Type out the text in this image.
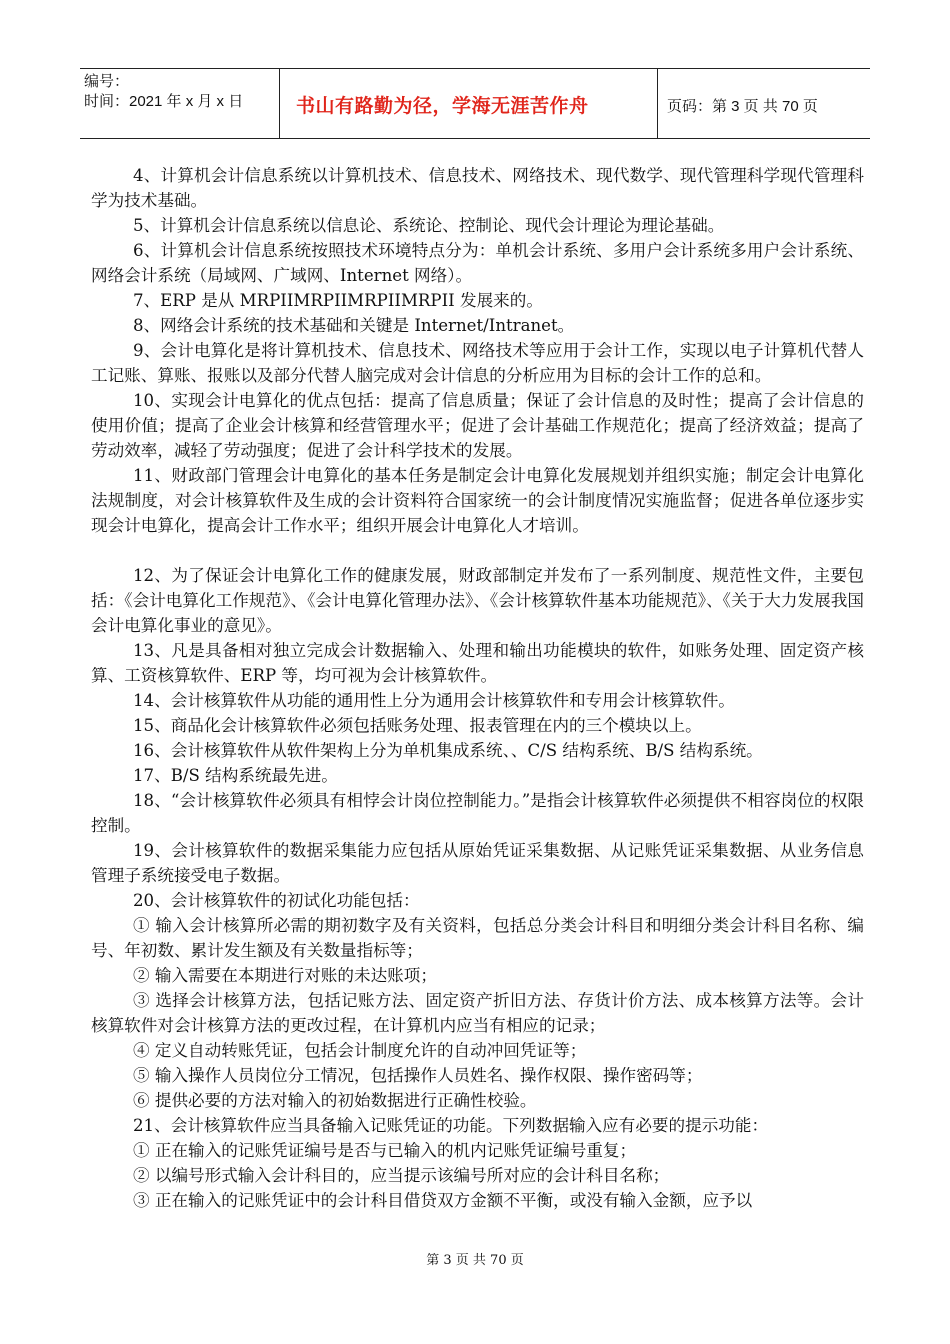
编号：
时间：2021 年 x 月 x 日	书山有路勤为径，学海无涯苦作舟	页码：第 3 页 共 70 页

4、计算机会计信息系统以计算机技术、信息技术、网络技术、现代数学、现代管理科学现代管理科学为技术基础。

5、计算机会计信息系统以信息论、系统论、控制论、现代会计理论为理论基础。

6、计算机会计信息系统按照技术环境特点分为：单机会计系统、多用户会计系统多用户会计系统、网络会计系统（局域网、广域网、Internet 网络）。

7、ERP 是从 MRPIIMRPIIMRPIIMRPII 发展来的。

8、网络会计系统的技术基础和关键是 Internet/Intranet。

9、会计电算化是将计算机技术、信息技术、网络技术等应用于会计工作，实现以电子计算机代替人工记账、算账、报账以及部分代替人脑完成对会计信息的分析应用为目标的会计工作的总和。

10、实现会计电算化的优点包括：提高了信息质量；保证了会计信息的及时性；提高了会计信息的使用价值；提高了企业会计核算和经营管理水平；促进了会计基础工作规范化；提高了经济效益；提高了劳动效率，减轻了劳动强度；促进了会计科学技术的发展。

11、财政部门管理会计电算化的基本任务是制定会计电算化发展规划并组织实施；制定会计电算化法规制度，对会计核算软件及生成的会计资料符合国家统一的会计制度情况实施监督；促进各单位逐步实现会计电算化，提高会计工作水平；组织开展会计电算化人才培训。

12、为了保证会计电算化工作的健康发展，财政部制定并发布了一系列制度、规范性文件，主要包括：《会计电算化工作规范》、《会计电算化管理办法》、《会计核算软件基本功能规范》、《关于大力发展我国会计电算化事业的意见》。

13、凡是具备相对独立完成会计数据输入、处理和输出功能模块的软件，如账务处理、固定资产核算、工资核算软件、ERP 等，均可视为会计核算软件。

14、会计核算软件从功能的通用性上分为通用会计核算软件和专用会计核算软件。

15、商品化会计核算软件必须包括账务处理、报表管理在内的三个模块以上。

16、会计核算软件从软件架构上分为单机集成系统、、C/S 结构系统、B/S 结构系统。

17、B/S 结构系统最先进。

18、“会计核算软件必须具有相悖会计岗位控制能力。”是指会计核算软件必须提供不相容岗位的权限控制。

19、会计核算软件的数据采集能力应包括从原始凭证采集数据、从记账凭证采集数据、从业务信息管理子系统接受电子数据。

20、会计核算软件的初试化功能包括：

① 输入会计核算所必需的期初数字及有关资料，包括总分类会计科目和明细分类会计科目名称、编号、年初数、累计发生额及有关数量指标等；

② 输入需要在本期进行对账的未达账项；

③ 选择会计核算方法，包括记账方法、固定资产折旧方法、存货计价方法、成本核算方法等。会计核算软件对会计核算方法的更改过程，在计算机内应当有相应的记录；

④ 定义自动转账凭证，包括会计制度允许的自动冲回凭证等；

⑤ 输入操作人员岗位分工情况，包括操作人员姓名、操作权限、操作密码等；

⑥ 提供必要的方法对输入的初始数据进行正确性校验。

21、会计核算软件应当具备输入记账凭证的功能。下列数据输入应有必要的提示功能：

① 正在输入的记账凭证编号是否与已输入的机内记账凭证编号重复；

② 以编号形式输入会计科目的，应当提示该编号所对应的会计科目名称；

③ 正在输入的记账凭证中的会计科目借贷双方金额不平衡，或没有输入金额，应予以

第 3 页 共 70 页
